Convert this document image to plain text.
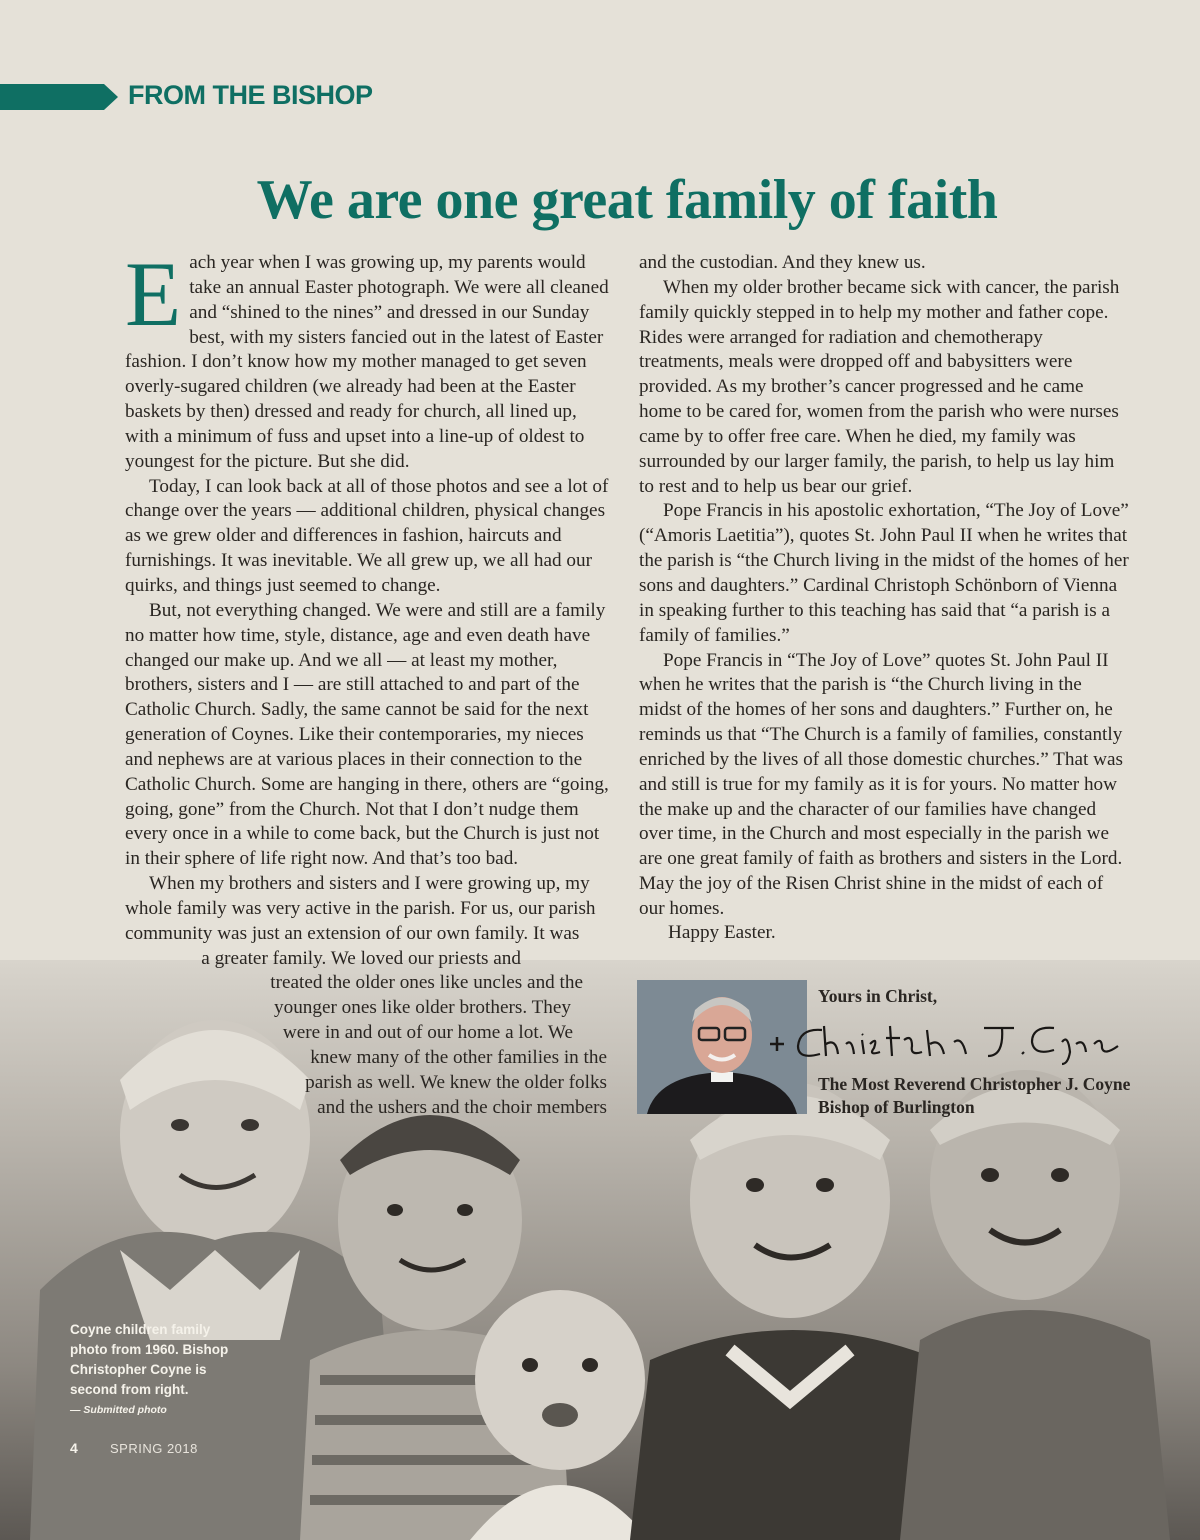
FROM THE BISHOP
We are one great family of faith
E ach year when I was growing up, my parents would take an annual Easter photograph. We were all cleaned and “shined to the nines” and dressed in our Sunday best, with my sisters fancied out in the latest of Easter fashion. I don’t know how my mother managed to get seven overly-sugared children (we already had been at the Easter baskets by then) dressed and ready for church, all lined up, with a minimum of fuss and upset into a line-up of oldest to youngest for the picture. But she did.

Today, I can look back at all of those photos and see a lot of change over the years — additional children, physical changes as we grew older and differences in fashion, haircuts and furnishings. It was inevitable. We all grew up, we all had our quirks, and things just seemed to change.

But, not everything changed. We were and still are a family no matter how time, style, distance, age and even death have changed our make up. And we all — at least my mother, brothers, sisters and I — are still attached to and part of the Catholic Church. Sadly, the same cannot be said for the next generation of Coynes. Like their contemporaries, my nieces and nephews are at various places in their connection to the Catholic Church. Some are hanging in there, others are “going, going, gone” from the Church. Not that I don’t nudge them every once in a while to come back, but the Church is just not in their sphere of life right now. And that’s too bad.

When my brothers and sisters and I were growing up, my whole family was very active in the parish. For us, our parish community was just an extension of our own family. It was

a greater family. We loved our priests and
treated the older ones like uncles and the
younger ones like older brothers. They
were in and out of our home a lot. We
knew many of the other families in the
parish as well. We knew the older folks
and the ushers and the choir members

and the custodian. And they knew us.

When my older brother became sick with cancer, the parish family quickly stepped in to help my mother and father cope. Rides were arranged for radiation and chemotherapy treatments, meals were dropped off and babysitters were provided. As my brother’s cancer progressed and he came home to be cared for, women from the parish who were nurses came by to offer free care. When he died, my family was surrounded by our larger family, the parish, to help us lay him to rest and to help us bear our grief.

Pope Francis in his apostolic exhortation, “The Joy of Love” (“Amoris Laetitia”), quotes St. John Paul II when he writes that the parish is “the Church living in the midst of the homes of her sons and daughters.” Cardinal Christoph Schönborn of Vienna in speaking further to this teaching has said that “a parish is a family of families.”

Pope Francis in “The Joy of Love” quotes St. John Paul II when he writes that the parish is “the Church living in the midst of the homes of her sons and daughters.” Further on, he reminds us that “The Church is a family of families, constantly enriched by the lives of all those domestic churches.” That was and still is true for my family as it is for yours. No matter how the make up and the character of our families have changed over time, in the Church and most especially in the parish we are one great family of faith as brothers and sisters in the Lord. May the joy of the Risen Christ shine in the midst of each of our homes.

Happy Easter.
Yours in Christ,
The Most Reverend Christopher J. Coyne
Bishop of Burlington
Coyne children family photo from 1960. Bishop Christopher Coyne is second from right.
— Submitted photo
4 SPRING 2018
